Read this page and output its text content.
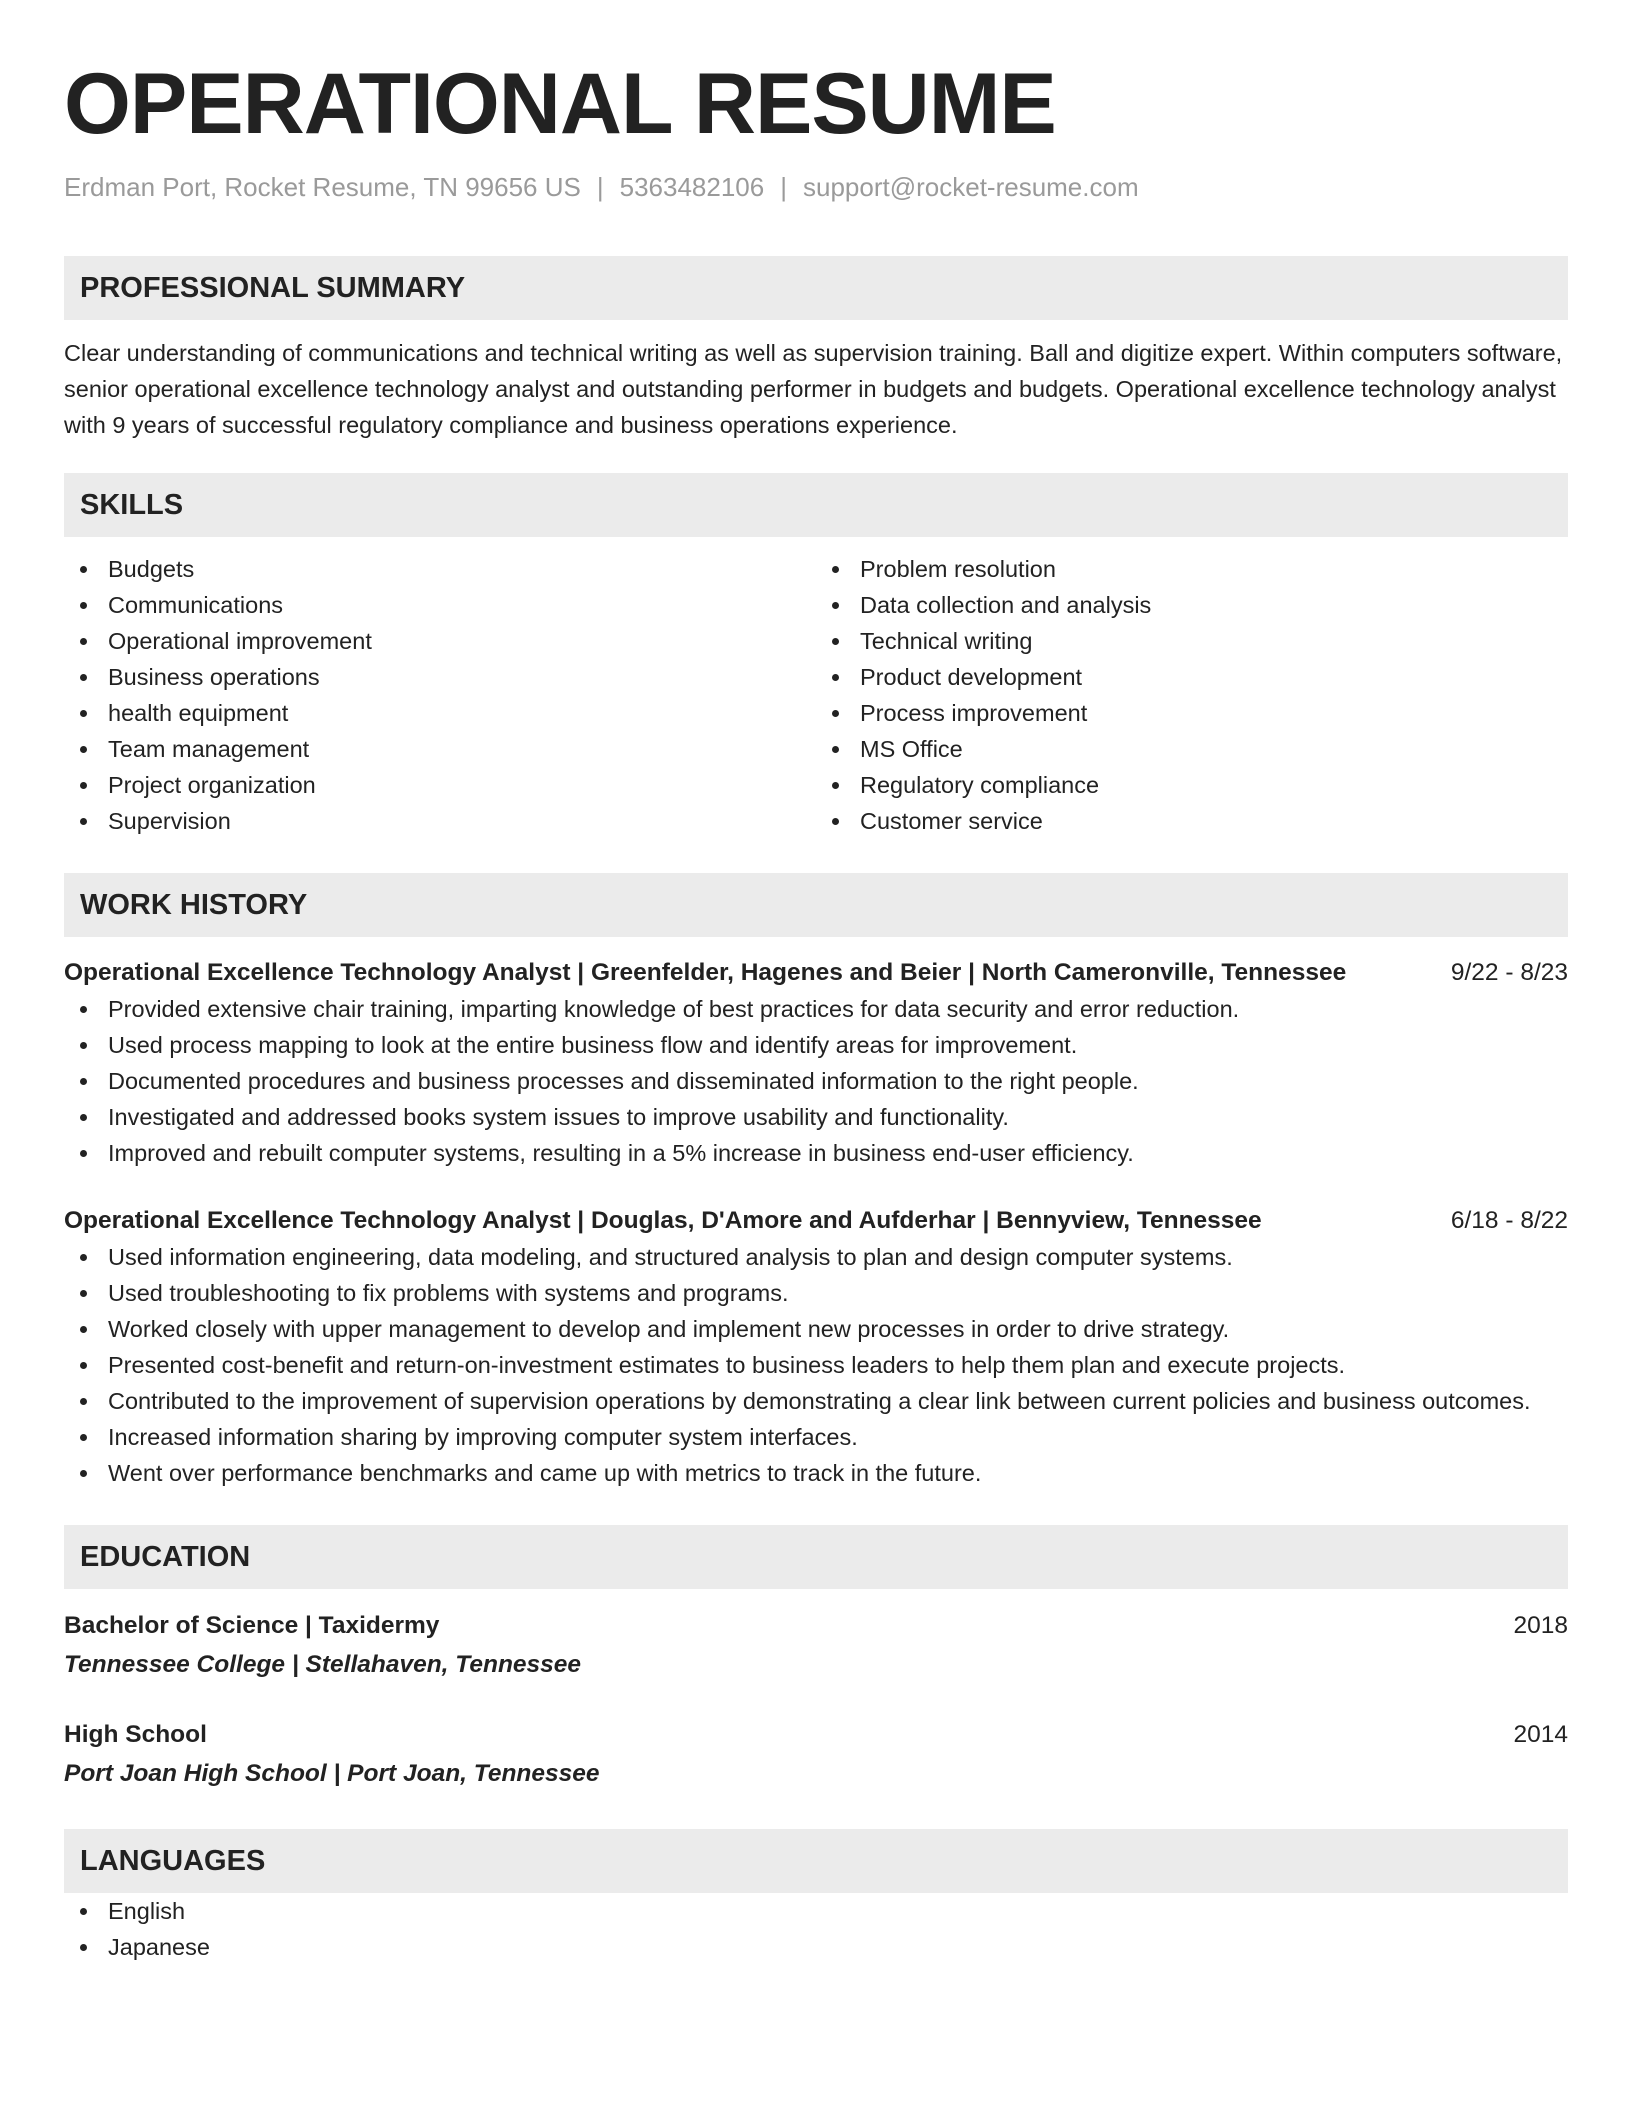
OPERATIONAL RESUME
Erdman Port, Rocket Resume, TN 99656 US | 5363482106 | support@rocket-resume.com
PROFESSIONAL SUMMARY

Clear understanding of communications and technical writing as well as supervision training. Ball and digitize expert. Within computers software, senior operational excellence technology analyst and outstanding performer in budgets and budgets. Operational excellence technology analyst with 9 years of successful regulatory compliance and business operations experience.

SKILLS
Budgets
Communications
Operational improvement
Business operations
health equipment
Team management
Project organization
Supervision
Problem resolution
Data collection and analysis
Technical writing
Product development
Process improvement
MS Office
Regulatory compliance
Customer service
WORK HISTORY
Operational Excellence Technology Analyst | Greenfelder, Hagenes and Beier | North Cameronville, Tennessee	9/22 - 8/23
Provided extensive chair training, imparting knowledge of best practices for data security and error reduction.
Used process mapping to look at the entire business flow and identify areas for improvement.
Documented procedures and business processes and disseminated information to the right people.
Investigated and addressed books system issues to improve usability and functionality.
Improved and rebuilt computer systems, resulting in a 5% increase in business end-user efficiency.
Operational Excellence Technology Analyst | Douglas, D'Amore and Aufderhar | Bennyview, Tennessee	6/18 - 8/22
Used information engineering, data modeling, and structured analysis to plan and design computer systems.
Used troubleshooting to fix problems with systems and programs.
Worked closely with upper management to develop and implement new processes in order to drive strategy.
Presented cost-benefit and return-on-investment estimates to business leaders to help them plan and execute projects.
Contributed to the improvement of supervision operations by demonstrating a clear link between current policies and business outcomes.
Increased information sharing by improving computer system interfaces.
Went over performance benchmarks and came up with metrics to track in the future.
EDUCATION
Bachelor of Science | Taxidermy	2018
Tennessee College | Stellahaven, Tennessee
High School	2014
Port Joan High School | Port Joan, Tennessee
LANGUAGES
English
Japanese
